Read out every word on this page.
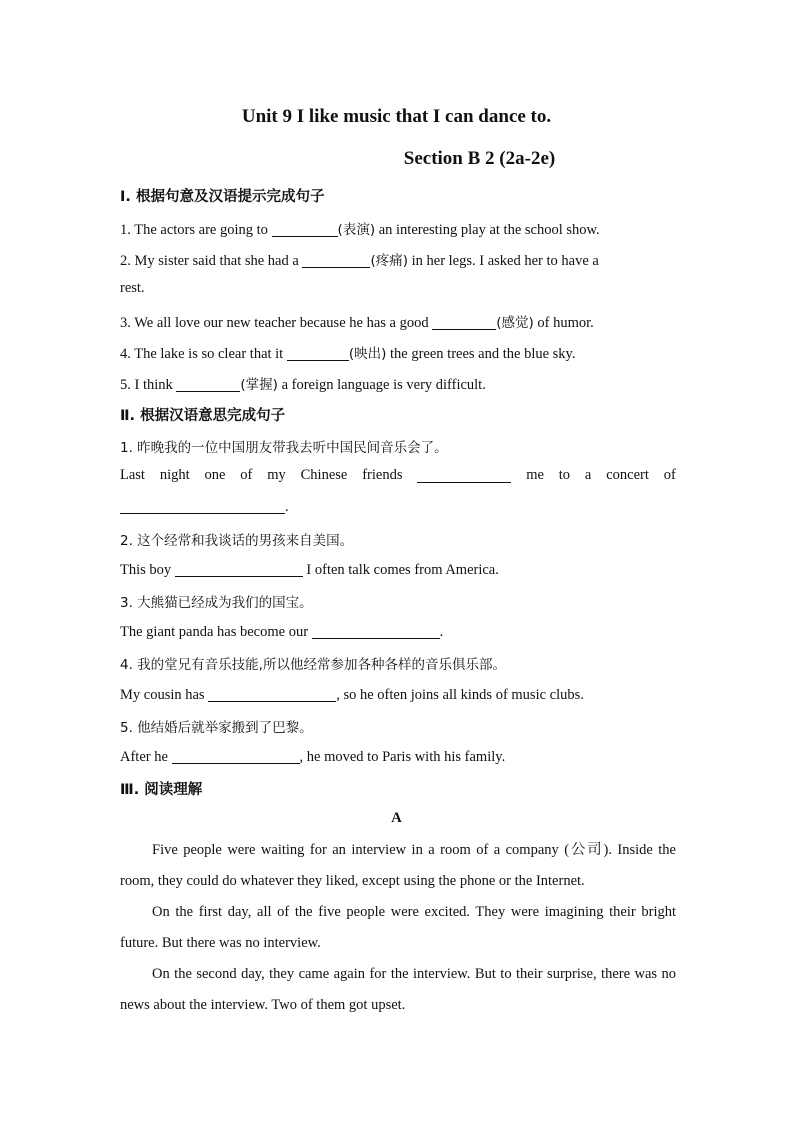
Unit 9 I like music that I can dance to.
Section B 2 (2a-2e)
Ⅰ. 根据句意及汉语提示完成句子
1. The actors are going to	(表演) an interesting play at the school show.
2. My sister said that she had a	(疼痛) in her legs. I asked her to have a
rest.
3. We all love our new teacher because he has a good	(感觉) of humor.
4. The lake is so clear that it	(映出) the green trees and the blue sky.
5. I think	(掌握) a foreign language is very difficult.
Ⅱ. 根据汉语意思完成句子
1. 昨晚我的一位中国朋友带我去听中国民间音乐会了。
Last night one of my Chinese friends	me to a concert of
.
2. 这个经常和我谈话的男孩来自美国。
This boy	I often talk comes from America.
3. 大熊猫已经成为我们的国宝。
The giant panda has become our	.
4. 我的堂兄有音乐技能,所以他经常参加各种各样的音乐俱乐部。
My cousin has	, so he often joins all kinds of music clubs.
5. 他结婚后就举家搬到了巴黎。
After he	, he moved to Paris with his family.
Ⅲ. 阅读理解
A

Five people were waiting for an interview in a room of a company (公司). Inside the room, they could do whatever they liked, except using the phone or the Internet.

On the first day, all of the five people were excited. They were imagining their bright future. But there was no interview.

On the second day, they came again for the interview. But to their surprise, there was no news about the interview. Two of them got upset.
